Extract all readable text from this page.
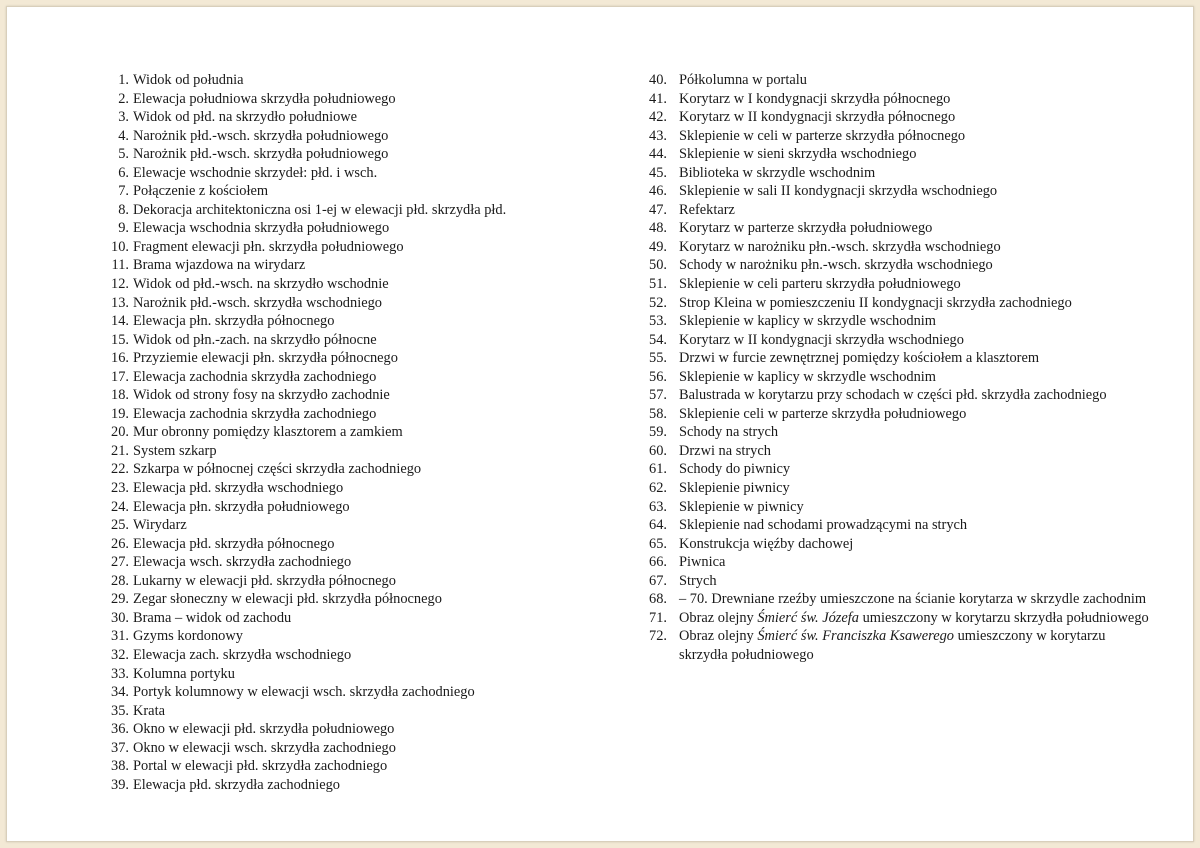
1. Widok od południa
2. Elewacja południowa skrzydła południowego
3. Widok od płd. na skrzydło południowe
4. Narożnik płd.-wsch. skrzydła południowego
5. Narożnik płd.-wsch. skrzydła południowego
6. Elewacje wschodnie skrzydeł: płd. i wsch.
7. Połączenie z kościołem
8. Dekoracja architektoniczna osi 1-ej w elewacji płd. skrzydła płd.
9. Elewacja wschodnia skrzydła południowego
10. Fragment elewacji płn. skrzydła południowego
11. Brama wjazdowa na wirydarz
12. Widok od płd.-wsch. na skrzydło wschodnie
13. Narożnik płd.-wsch. skrzydła wschodniego
14. Elewacja płn. skrzydła północnego
15. Widok od płn.-zach. na skrzydło północne
16. Przyziemie elewacji płn. skrzydła północnego
17. Elewacja zachodnia skrzydła zachodniego
18. Widok od strony fosy na skrzydło zachodnie
19. Elewacja zachodnia skrzydła zachodniego
20. Mur obronny pomiędzy klasztorem a zamkiem
21. System szkarp
22. Szkarpa w północnej części skrzydła zachodniego
23. Elewacja płd. skrzydła wschodniego
24. Elewacja płn. skrzydła południowego
25. Wirydarz
26. Elewacja płd. skrzydła północnego
27. Elewacja wsch. skrzydła zachodniego
28. Lukarny w elewacji płd. skrzydła północnego
29. Zegar słoneczny w elewacji płd. skrzydła północnego
30. Brama – widok od zachodu
31. Gzyms kordonowy
32. Elewacja zach. skrzydła wschodniego
33. Kolumna portyku
34. Portyk kolumnowy w elewacji wsch. skrzydła zachodniego
35. Krata
36. Okno w elewacji płd. skrzydła południowego
37. Okno w elewacji wsch. skrzydła zachodniego
38. Portal w elewacji płd. skrzydła zachodniego
39. Elewacja płd. skrzydła zachodniego
40. Półkolumna w portalu
41. Korytarz w I kondygnacji skrzydła północnego
42. Korytarz w II kondygnacji skrzydła północnego
43. Sklepienie w celi w parterze skrzydła północnego
44. Sklepienie w sieni skrzydła wschodniego
45. Biblioteka w skrzydle wschodnim
46. Sklepienie w sali II kondygnacji skrzydła wschodniego
47. Refektarz
48. Korytarz w parterze skrzydła południowego
49. Korytarz w narożniku płn.-wsch. skrzydła wschodniego
50. Schody w narożniku płn.-wsch. skrzydła wschodniego
51. Sklepienie w celi parteru skrzydła południowego
52. Strop Kleina w pomieszczeniu II kondygnacji skrzydła zachodniego
53. Sklepienie w kaplicy w skrzydle wschodnim
54. Korytarz w II kondygnacji skrzydła wschodniego
55. Drzwi w furcie zewnętrznej pomiędzy kościołem a klasztorem
56. Sklepienie w kaplicy w skrzydle wschodnim
57. Balustrada w korytarzu przy schodach w części płd. skrzydła zachodniego
58. Sklepienie celi w parterze skrzydła południowego
59. Schody na strych
60. Drzwi na strych
61. Schody do piwnicy
62. Sklepienie piwnicy
63. Sklepienie w piwnicy
64. Sklepienie nad schodami prowadzącymi na strych
65. Konstrukcja więźby dachowej
66. Piwnica
67. Strych
68. – 70. Drewniane rzeźby umieszczone na ścianie korytarza w skrzydle zachodnim
71. Obraz olejny Śmierć św. Józefa umieszczony w korytarzu skrzydła południowego
72. Obraz olejny Śmierć św. Franciszka Ksawerego umieszczony w korytarzu skrzydła południowego
